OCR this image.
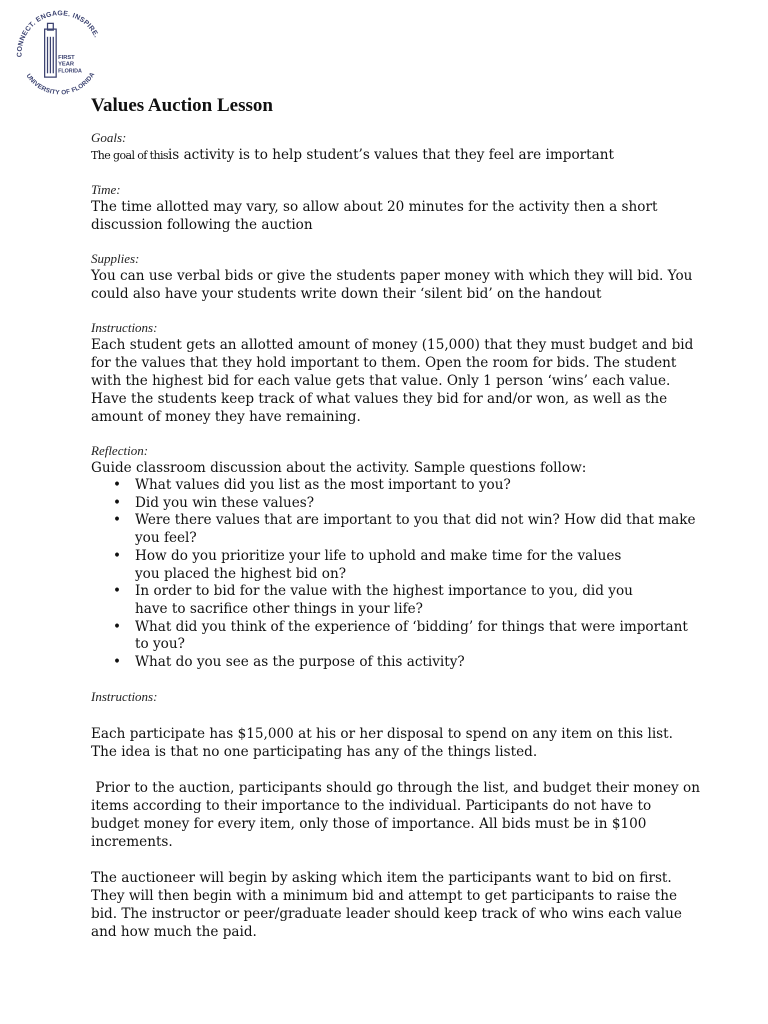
CONNECT. ENGAGE. INSPIRE.
UNIVERSITY OF FLORIDA
FIRST
YEAR
FLORIDA
Values Auction Lesson
Goals:

The goal of thisis activity is to help student’s values that they feel are important

Time:
The time allotted may vary, so allow about 20 minutes for the activity then a short
discussion following the auction
Supplies:
You can use verbal bids or give the students paper money with which they will bid. You
could also have your students write down their ‘silent bid’ on the handout
Instructions:
Each student gets an allotted amount of money (15,000) that they must budget and bid
for the values that they hold important to them. Open the room for bids. The student
with the highest bid for each value gets that value. Only 1 person ‘wins’ each value.
Have the students keep track of what values they bid for and/or won, as well as the
amount of money they have remaining.
Reflection:

Guide classroom discussion about the activity. Sample questions follow:

• What values did you list as the most important to you?
• Did you win these values?
• Were there values that are important to you that did not win? How did that make
you feel?
• How do you prioritize your life to uphold and make time for the values
you placed the highest bid on?
• In order to bid for the value with the highest importance to you, did you
have to sacrifice other things in your life?
• What did you think of the experience of ‘bidding’ for things that were important
to you?
• What do you see as the purpose of this activity?
Instructions:
Each participate has $15,000 at his or her disposal to spend on any item on this list.
The idea is that no one participating has any of the things listed.
Prior to the auction, participants should go through the list, and budget their money on
items according to their importance to the individual. Participants do not have to
budget money for every item, only those of importance. All bids must be in $100
increments.
The auctioneer will begin by asking which item the participants want to bid on first.
They will then begin with a minimum bid and attempt to get participants to raise the
bid. The instructor or peer/graduate leader should keep track of who wins each value
and how much the paid.
